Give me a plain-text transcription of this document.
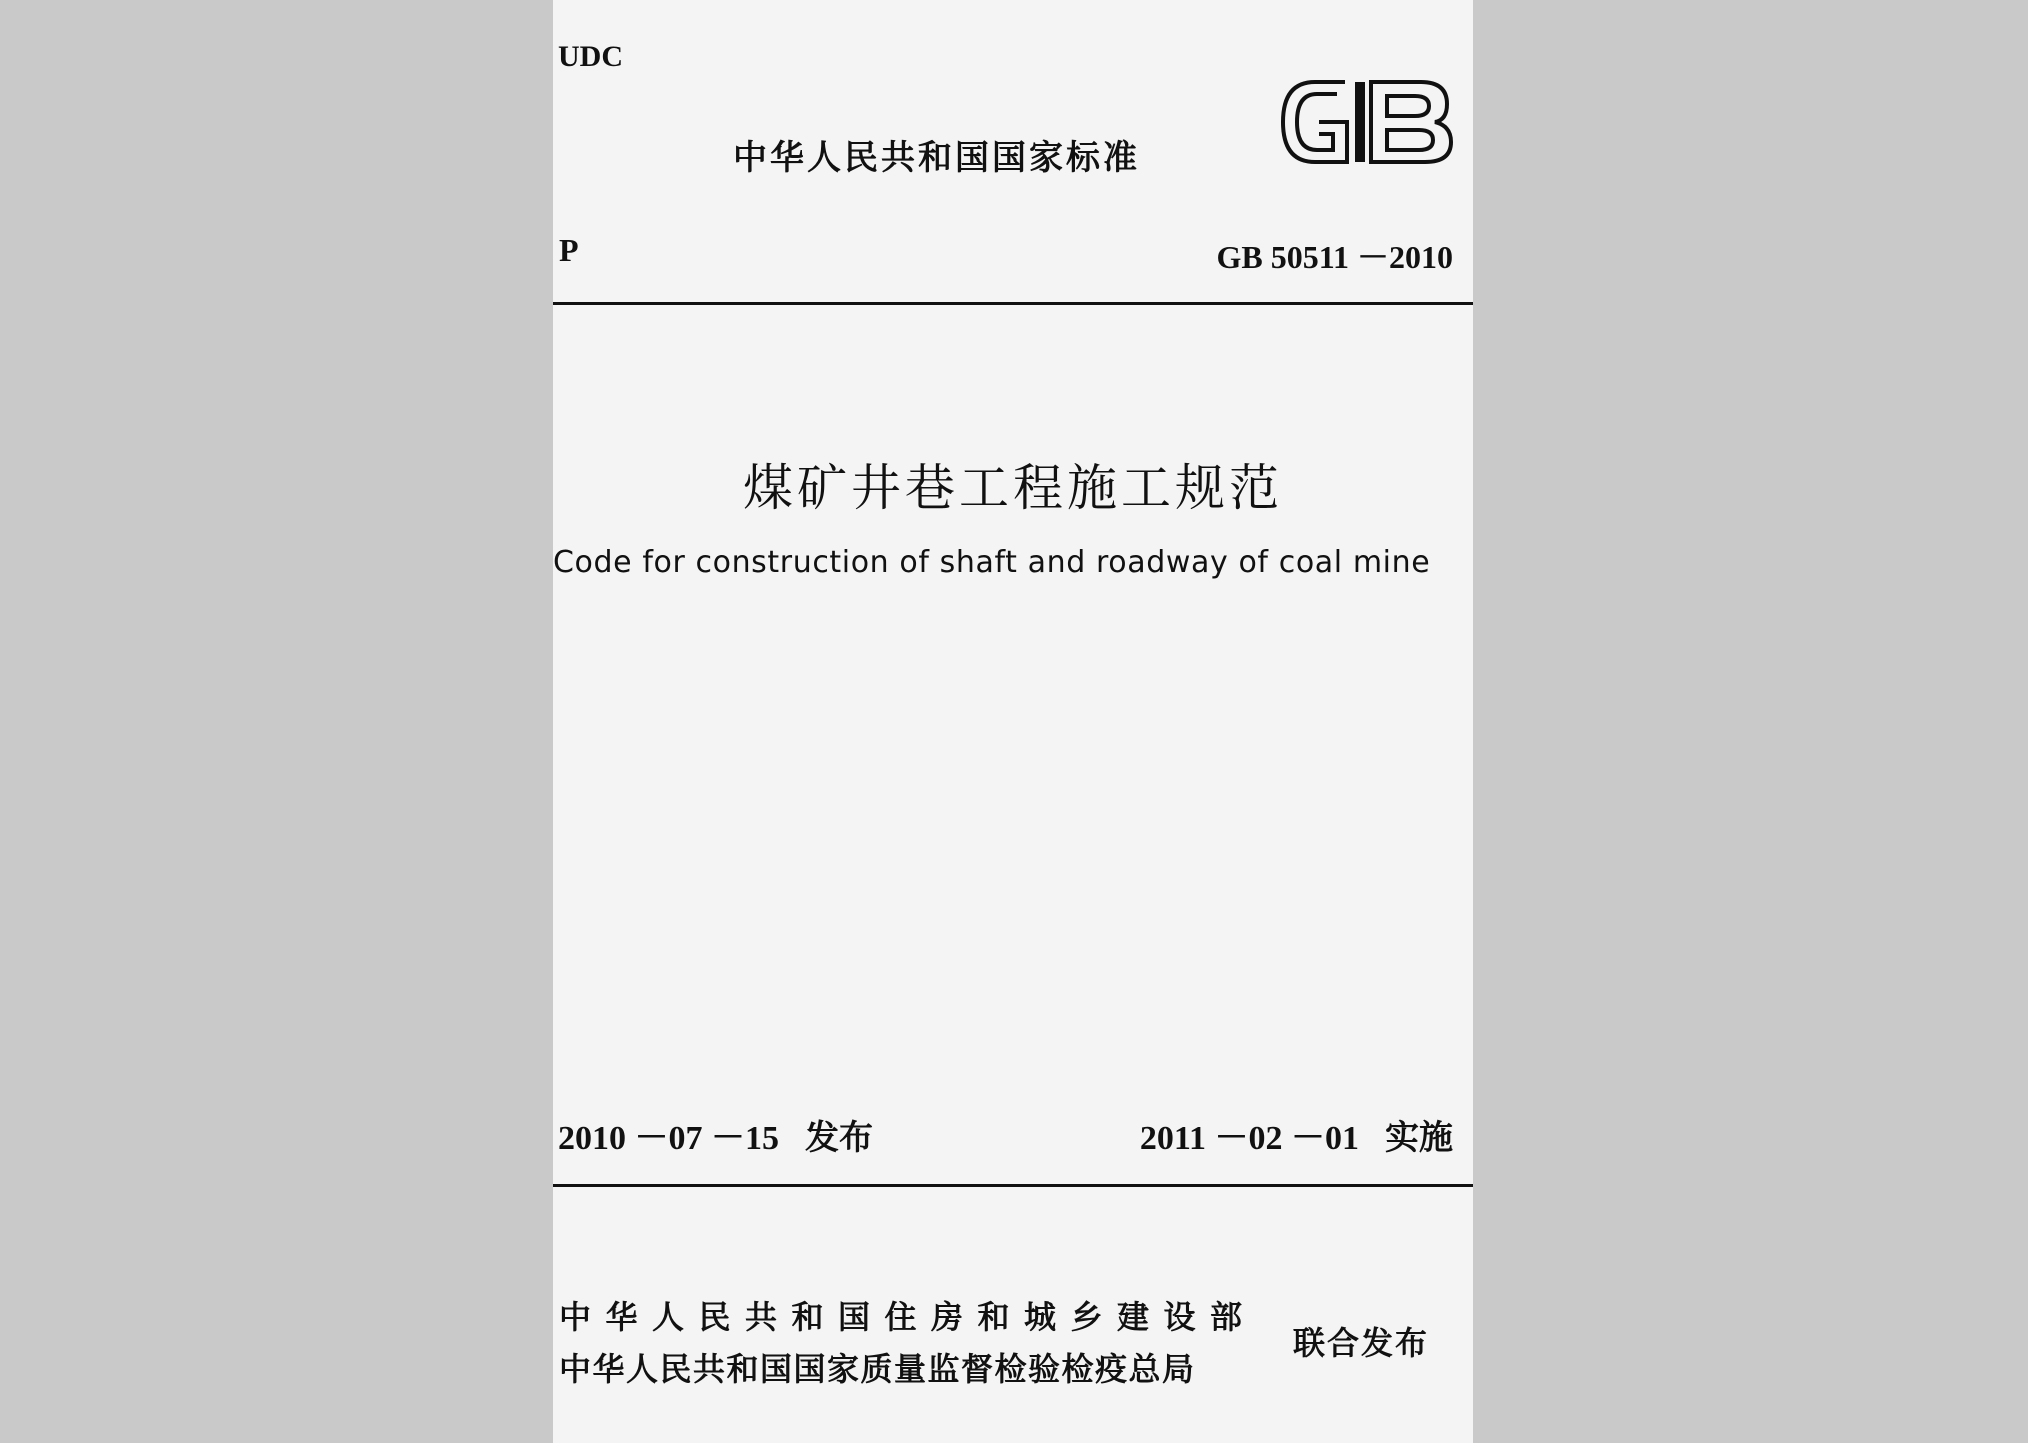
UDC
中华人民共和国国家标准
P	GB 50511 －2010
煤矿井巷工程施工规范
Code for construction of shaft and roadway of coal mine
2010 －07 －15 发布	2011 －02 －01 实施
中华人民共和国住房和城乡建设部
中华人民共和国国家质量监督检验检疫总局
联合发布
